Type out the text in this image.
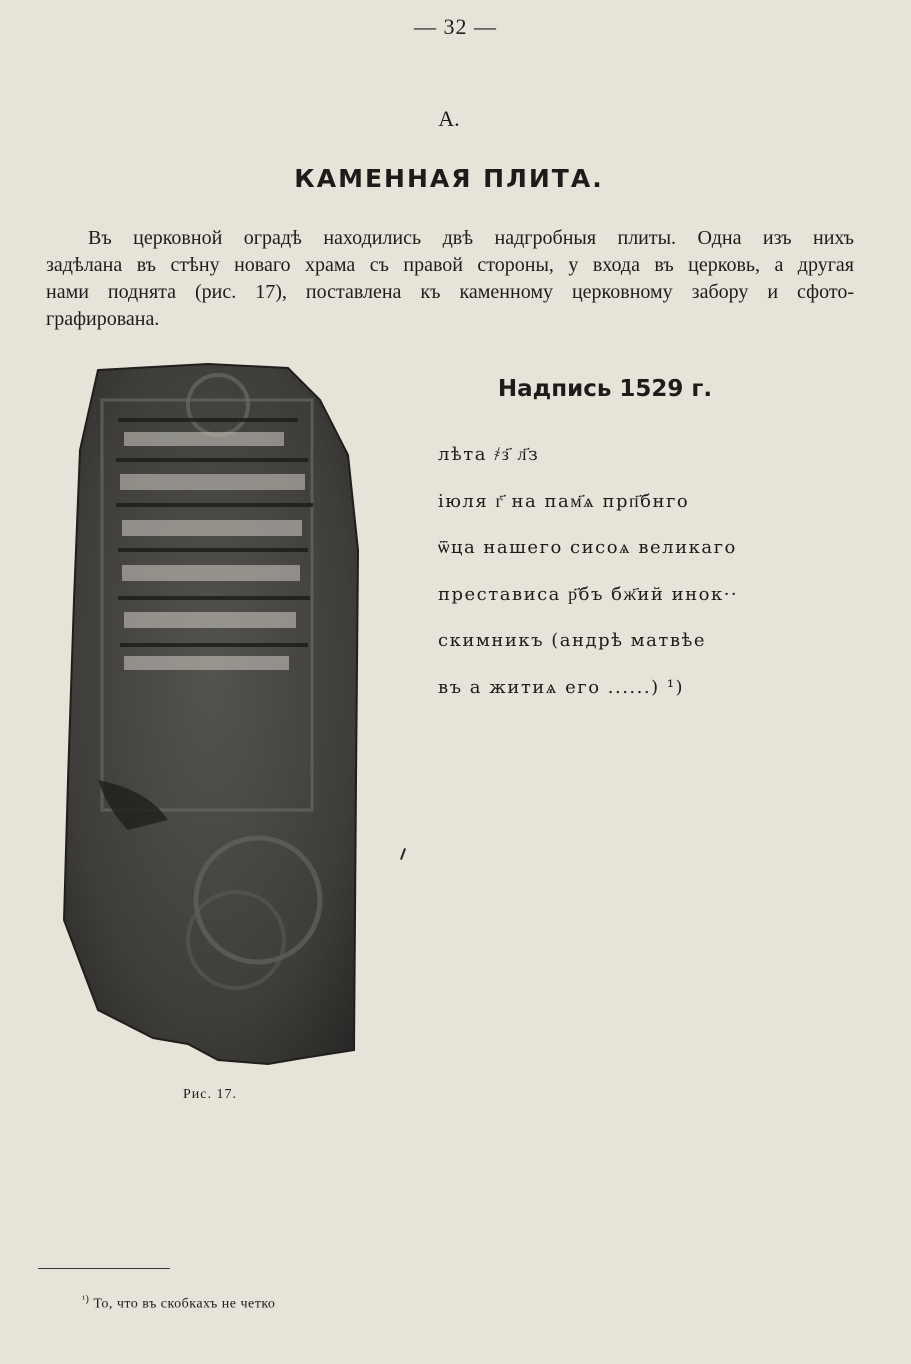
— 32 —
А.
КАМЕННАЯ ПЛИТА.
Въ церковной оградѣ находились двѣ надгробныя плиты. Одна изъ нихъ
задѣлана въ стѣну новаго храма съ правой стороны, у входа въ церковь, а другая
нами поднята (рис. 17), поставлена къ каменному церковному забору и сфото-
графирована.
Рис. 17.
Надпись 1529 г.
лѣта ҂з҃ л҃з
іюля г҃ на пам҃ѧ прп҃бнго
ѿца нашего сисоѧ великаго
престависа р҃бъ бж҃ий инок··
скимникъ (андрѣ матвѣе
въ а житиѧ его ......) ¹)
$^{^1)}$ То, что въ скобкахъ не четко
